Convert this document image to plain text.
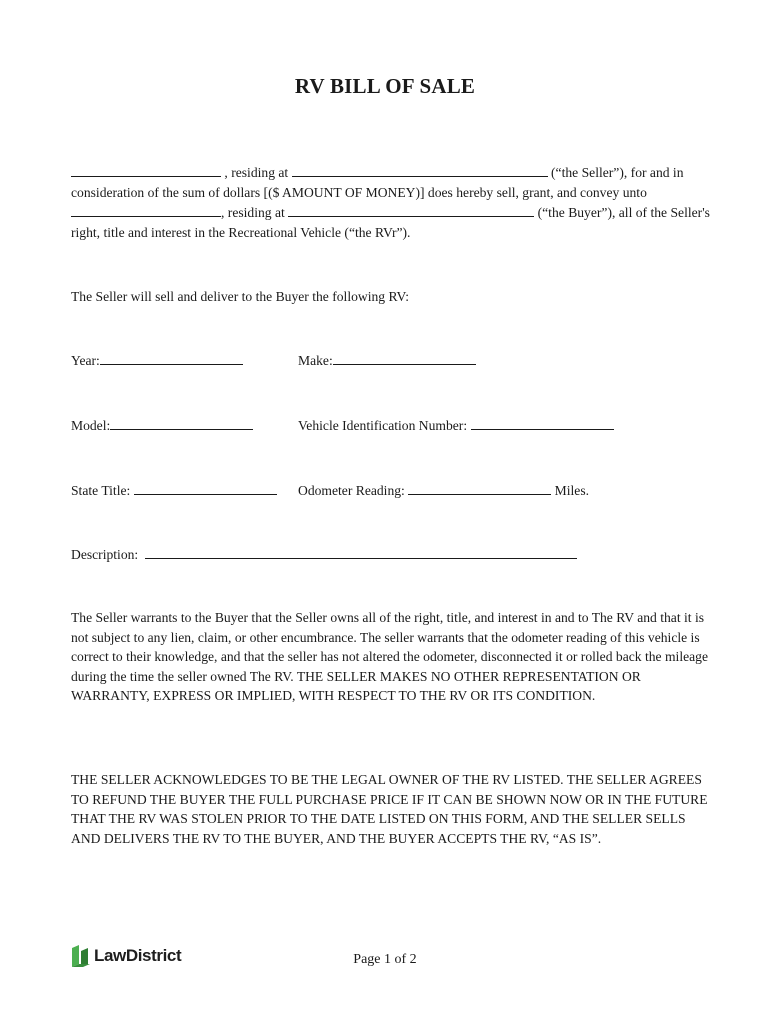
RV BILL OF SALE
, residing at	(“the Seller”), for and in consideration of the sum of dollars [($ AMOUNT OF MONEY)] does hereby sell, grant, and convey unto , residing at	(“the Buyer”), all of the Seller's right, title and interest in the Recreational Vehicle (“the RVr”).
The Seller will sell and deliver to the Buyer the following RV:
Year:	Make:
Model:	Vehicle Identification Number:
State Title:	Odometer Reading:	Miles.
Description:
The Seller warrants to the Buyer that the Seller owns all of the right, title, and interest in and to The RV and that it is not subject to any lien, claim, or other encumbrance. The seller warrants that the odometer reading of this vehicle is correct to their knowledge, and that the seller has not altered the odometer, disconnected it or rolled back the mileage during the time the seller owned The RV. THE SELLER MAKES NO OTHER REPRESENTATION OR WARRANTY, EXPRESS OR IMPLIED, WITH RESPECT TO THE RV OR ITS CONDITION.
THE SELLER ACKNOWLEDGES TO BE THE LEGAL OWNER OF THE RV LISTED. THE SELLER AGREES TO REFUND THE BUYER THE FULL PURCHASE PRICE IF IT CAN BE SHOWN NOW OR IN THE FUTURE THAT THE RV WAS STOLEN PRIOR TO THE DATE LISTED ON THIS FORM, AND THE SELLER SELLS AND DELIVERS THE RV TO THE BUYER, AND THE BUYER ACCEPTS THE RV, “AS IS”.
LawDistrict	Page 1 of 2
